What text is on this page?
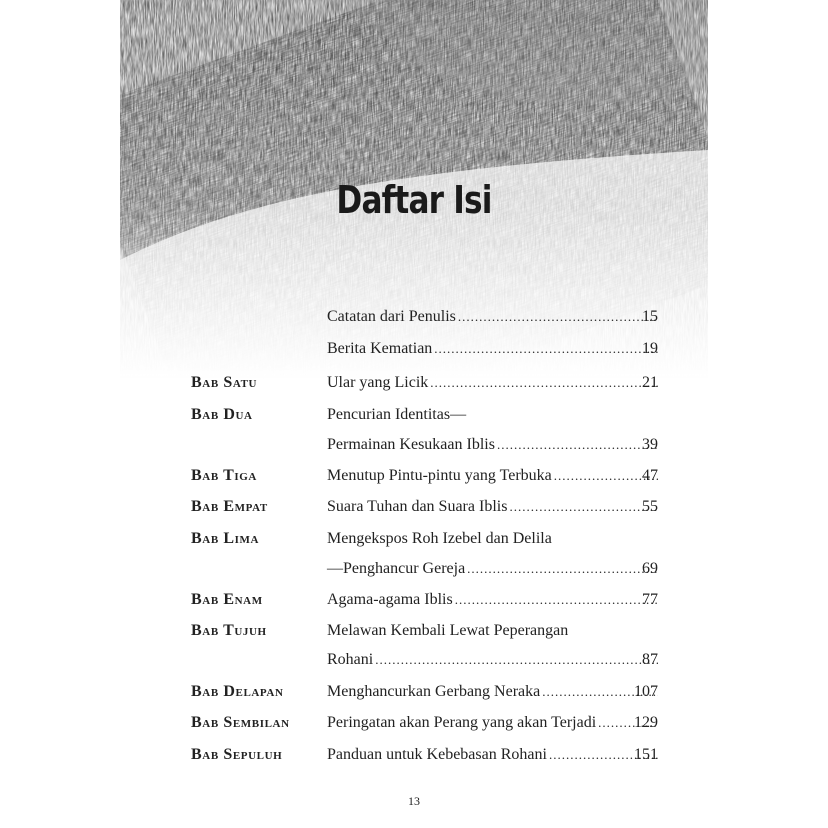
Daftar Isi
Catatan dari Penulis .....	15
Berita Kematian .....	19
Bab Satu	Ular yang Licik .....	21
Bab Dua	Pencurian Identitas—
Permainan Kesukaan Iblis .....	39
Bab Tiga	Menutup Pintu-pintu yang Terbuka .....	47
Bab Empat	Suara Tuhan dan Suara Iblis .....	55
Bab Lima	Mengekspos Roh Izebel dan Delila
—Penghancur Gereja .....	69
Bab Enam	Agama-agama Iblis .....	77
Bab Tujuh	Melawan Kembali Lewat Peperangan
Rohani .....	87
Bab Delapan	Menghancurkan Gerbang Neraka .....	107
Bab Sembilan Peringatan akan Perang yang akan Terjadi ..... 129
Bab Sepuluh	Panduan untuk Kebebasan Rohani .....	151
13
